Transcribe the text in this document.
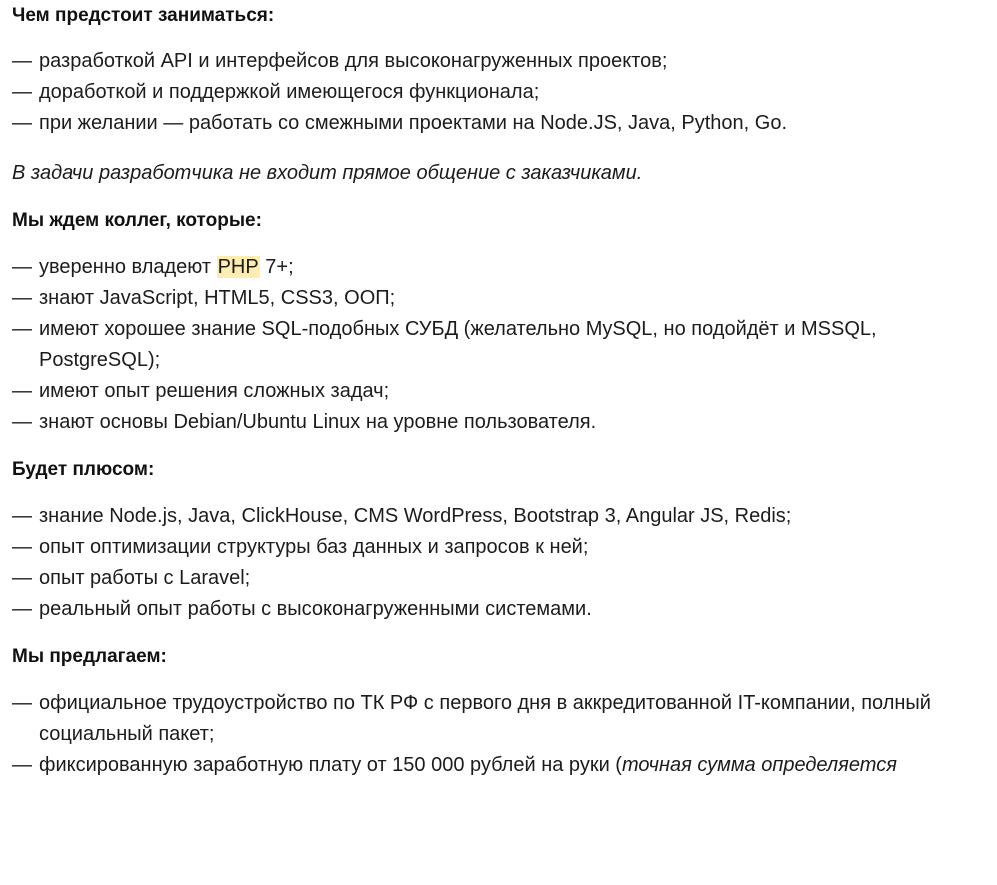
Чем предстоит заниматься:
— разработкой API и интерфейсов для высоконагруженных проектов;
— доработкой и поддержкой имеющегося функционала;
— при желании — работать со смежными проектами на Node.JS, Java, Python, Go.

В задачи разработчика не входит прямое общение с заказчиками.

Мы ждем коллег, которые:
— уверенно владеют PHP 7+;
— знают JavaScript, HTML5, CSS3, ООП;
— имеют хорошее знание SQL-подобных СУБД (желательно MySQL, но подойдёт и MSSQL, PostgreSQL);
— имеют опыт решения сложных задач;
— знают основы Debian/Ubuntu Linux на уровне пользователя.
Будет плюсом:
— знание Node.js, Java, ClickHouse, CMS WordPress, Bootstrap 3, Angular JS, Redis;
— опыт оптимизации структуры баз данных и запросов к ней;
— опыт работы с Laravel;
— реальный опыт работы с высоконагруженными системами.
Мы предлагаем:
— официальное трудоустройство по ТК РФ с первого дня в аккредитованной IT-компании, полный социальный пакет;
— фиксированную заработную плату от 150 000 рублей на руки (точная сумма определяется
